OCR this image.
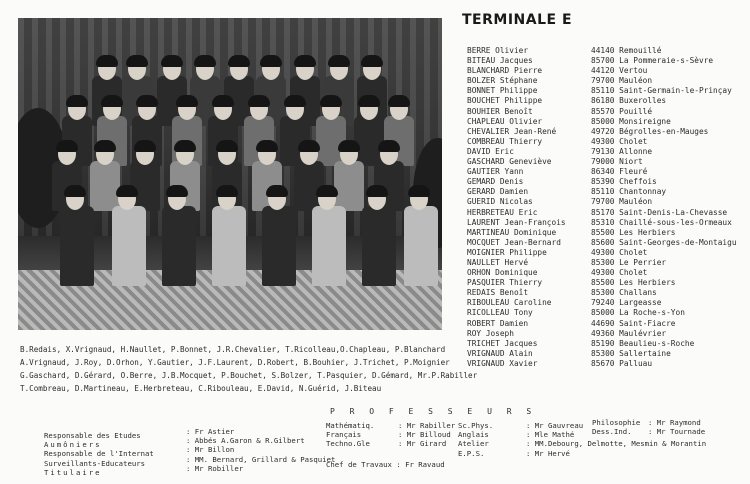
TERMINALE E
BERRE Olivier
BITEAU Jacques
BLANCHARD Pierre
BOLZER Stéphane
BONNET Philippe
BOUCHET Philippe
BOUHIER Benoît
CHAPLEAU Olivier
CHEVALIER Jean-René
COMBREAU Thierry
DAVID Eric
GASCHARD Geneviève
GAUTIER Yann
GEMARD Denis
GERARD Damien
GUERID Nicolas
HERBRETEAU Eric
LAURENT Jean-François
MARTINEAU Dominique
MOCQUET Jean-Bernard
MOIGNIER Philippe
NAULLET Hervé
ORHON Dominique
PASQUIER Thierry
REDAIS Benoît
RIBOULEAU Caroline
RICOLLEAU Tony
ROBERT Damien
ROY Joseph
TRICHET Jacques
VRIGNAUD Alain
VRIGNAUD Xavier
44140 Remouillé
85700 La Pommeraie-s-Sèvre
44120 Vertou
79700 Mauléon
85110 Saint-Germain-le-Prinçay
86180 Buxerolles
85570 Pouillé
85000 Monsireigne
49720 Bégrolles-en-Mauges
49300 Cholet
79130 Allonne
79000 Niort
86340 Fleuré
85390 Cheffois
85110 Chantonnay
79700 Mauléon
85170 Saint-Denis-La-Chevasse
85310 Chaillé-sous-les-Ormeaux
85500 Les Herbiers
85600 Saint-Georges-de-Montaigu
49300 Cholet
85300 Le Perrier
49300 Cholet
85500 Les Herbiers
85300 Challans
79240 Largeasse
85000 La Roche-s-Yon
44690 Saint-Fiacre
49360 Maulévrier
85190 Beaulieu-s-Roche
85300 Sallertaine
85670 Palluau
B.Redais, X.Vrignaud, H.Naullet, P.Bonnet, J.R.Chevalier, T.Ricolleau,O.Chapleau, P.Blanchard
A.Vrignaud, J.Roy, D.Orhon, Y.Gautier, J.F.Laurent, D.Robert, B.Bouhier, J.Trichet, P.Moignier
G.Gaschard, D.Gérard, O.Berre, J.B.Mocquet, P.Bouchet, S.Bolzer, T.Pasquier, D.Gémard, Mr.P.Rabiller
T.Combreau, D.Martineau, E.Herbreteau, C.Ribouleau, E.David, N.Guérid, J.Biteau
P R O F E S S E U R S
Responsable des Etudes
Aumôniers
Responsable de l'Internat
Surveillants-Educateurs
Titulaire
: Fr Astier
: Abbés A.Garon & R.Gilbert
: Mr Billon
: MM. Bernard, Grillard & Pasquiet
: Mr Robiller
Mathématiq.
Français
Techno.Gle
: Mr Rabiller
: Mr Billoud
: Mr Girard
Sc.Phys.
Anglais
Atelier
E.P.S.
: Mr Gauvreau
: Mle Mathé
: MM.Debourg, Delmotte, Mesmin & Morantin
: Mr Hervé
Philosophie
Dess.Ind.
: Mr Raymond
: Mr Tournade
Chef de Travaux : Fr Ravaud
